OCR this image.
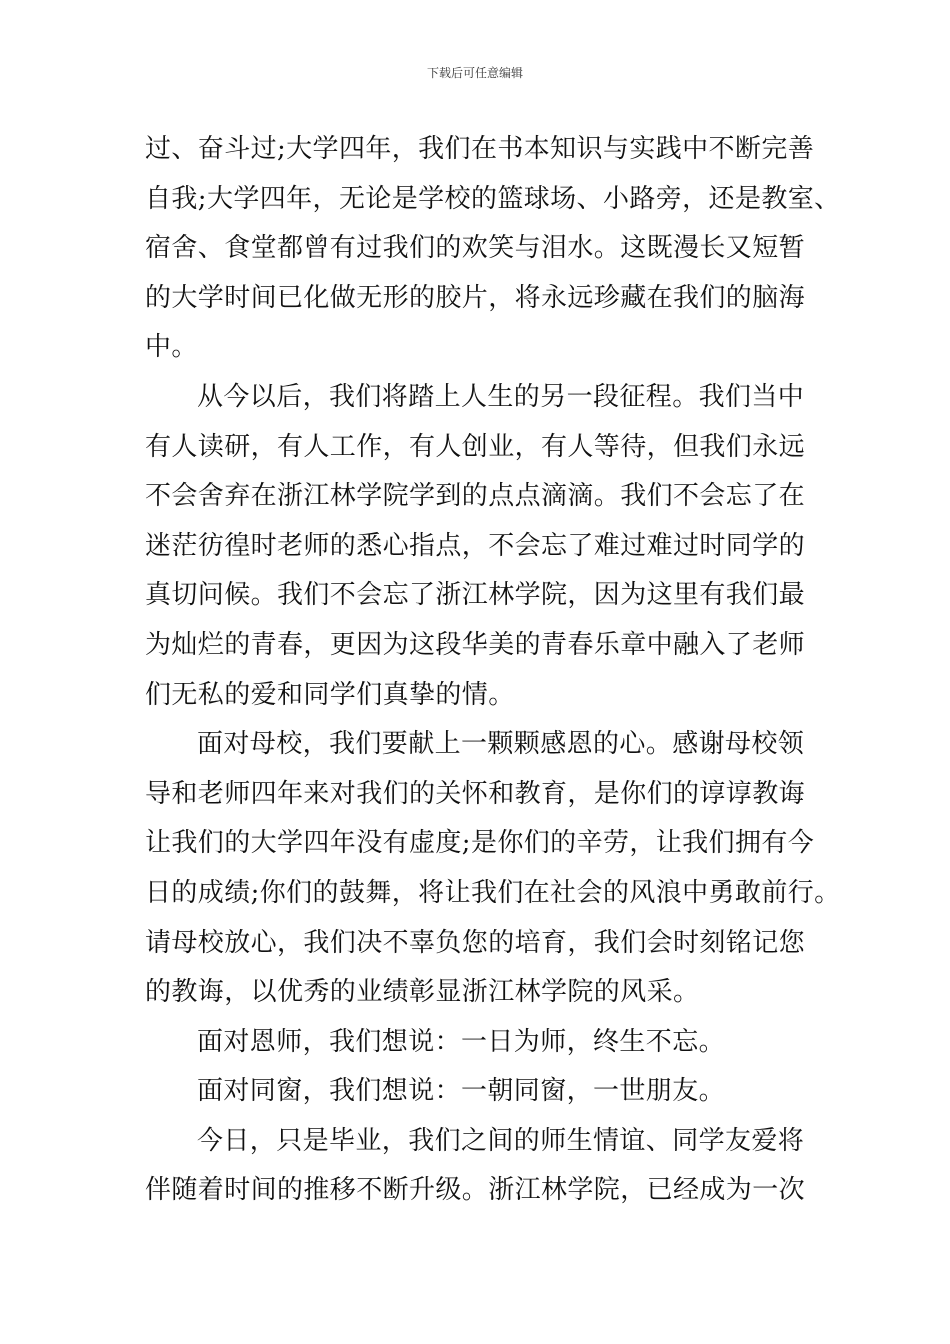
下载后可任意编辑
过、奋斗过;大学四年，我们在书本知识与实践中不断完善
自我;大学四年，无论是学校的篮球场、小路旁，还是教室、
宿舍、食堂都曾有过我们的欢笑与泪水。这既漫长又短暂
的大学时间已化做无形的胶片，将永远珍藏在我们的脑海
中。
从今以后，我们将踏上人生的另一段征程。我们当中
有人读研，有人工作，有人创业，有人等待，但我们永远
不会舍弃在浙江林学院学到的点点滴滴。我们不会忘了在
迷茫彷徨时老师的悉心指点，不会忘了难过难过时同学的
真切问候。我们不会忘了浙江林学院，因为这里有我们最
为灿烂的青春，更因为这段华美的青春乐章中融入了老师
们无私的爱和同学们真挚的情。
面对母校，我们要献上一颗颗感恩的心。感谢母校领
导和老师四年来对我们的关怀和教育，是你们的谆谆教诲
让我们的大学四年没有虚度;是你们的辛劳，让我们拥有今
日的成绩;你们的鼓舞，将让我们在社会的风浪中勇敢前行。
请母校放心，我们决不辜负您的培育，我们会时刻铭记您
的教诲，以优秀的业绩彰显浙江林学院的风采。
面对恩师，我们想说：一日为师，终生不忘。
面对同窗，我们想说：一朝同窗，一世朋友。
今日，只是毕业，我们之间的师生情谊、同学友爱将
伴随着时间的推移不断升级。浙江林学院，已经成为一次
